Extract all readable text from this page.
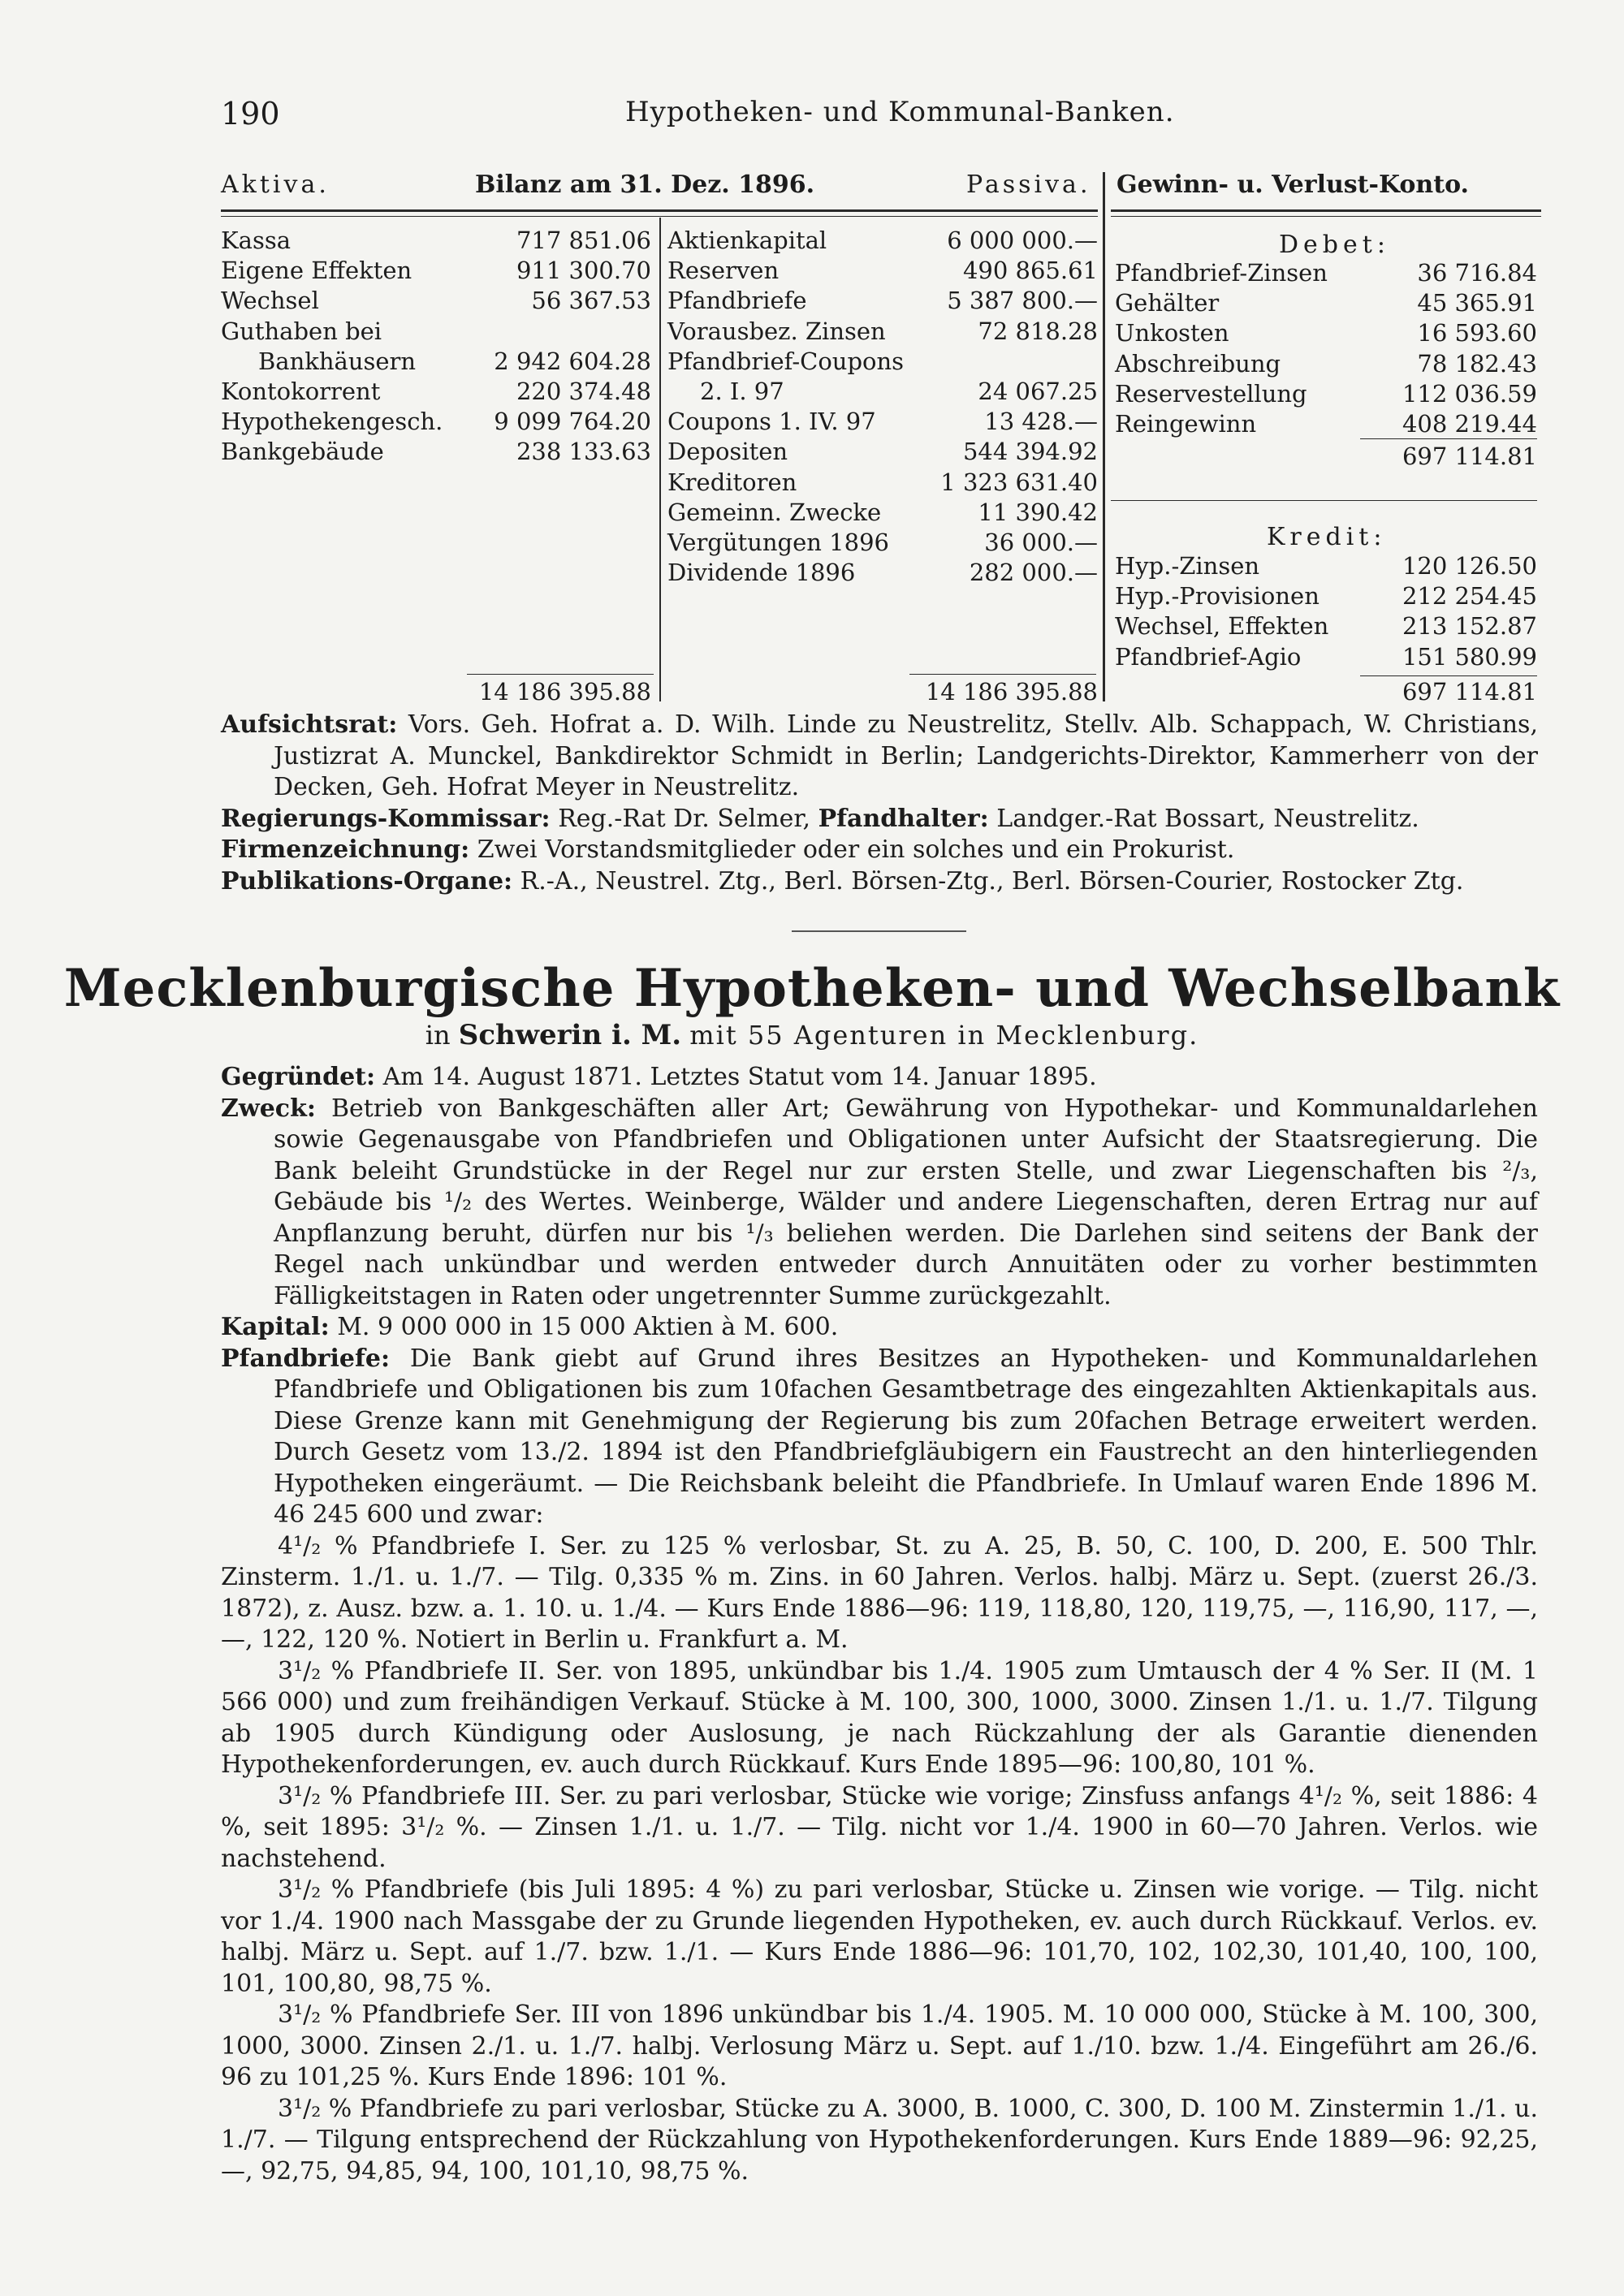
190	Hypotheken- und Kommunal-Banken.
Aktiva.	Bilanz am 31. Dez. 1896.	Passiva. Gewinn- u. Verlust-Konto.
Kassa	717 851.06
Eigene Effekten	911 300.70
Wechsel	56 367.53
Guthaben bei
Bankhäusern	2 942 604.28
Kontokorrent	220 374.48
Hypothekengesch. 9 099 764.20
Bankgebäude	238 133.63
14 186 395.88
Aktienkapital	6 000 000.—
Reserven	490 865.61
Pfandbriefe	5 387 800.—
Vorausbez. Zinsen	72 818.28
Pfandbrief-Coupons
2. I. 97	24 067.25
Coupons 1. IV. 97	13 428.—
Depositen	544 394.92
Kreditoren	1 323 631.40
Gemeinn. Zwecke	11 390.42
Vergütungen 1896	36 000.—
Dividende 1896	282 000.—
14 186 395.88
Debet:
Pfandbrief-Zinsen	36 716.84
Gehälter	45 365.91
Unkosten	16 593.60
Abschreibung	78 182.43
Reservestellung	112 036.59
Reingewinn	408 219.44
697 114.81
Kredit:
Hyp.-Zinsen	120 126.50
Hyp.-Provisionen	212 254.45
Wechsel, Effekten	213 152.87
Pfandbrief-Agio	151 580.99
697 114.81

Aufsichtsrat: Vors. Geh. Hofrat a. D. Wilh. Linde zu Neustrelitz, Stellv. Alb. Schappach, W. Christians, Justizrat A. Munckel, Bankdirektor Schmidt in Berlin; Landgerichts-Direktor, Kammerherr von der Decken, Geh. Hofrat Meyer in Neustrelitz.

Regierungs-Kommissar: Reg.-Rat Dr. Selmer, Pfandhalter: Landger.-Rat Bossart, Neustrelitz.

Firmenzeichnung: Zwei Vorstandsmitglieder oder ein solches und ein Prokurist.

Publikations-Organe: R.-A., Neustrel. Ztg., Berl. Börsen-Ztg., Berl. Börsen-Courier, Rostocker Ztg.

Mecklenburgische Hypotheken- und Wechselbank
in Schwerin i. M. mit 55 Agenturen in Mecklenburg.

Gegründet: Am 14. August 1871. Letztes Statut vom 14. Januar 1895.

Zweck: Betrieb von Bankgeschäften aller Art; Gewährung von Hypothekar- und Kommunaldarlehen sowie Gegenausgabe von Pfandbriefen und Obligationen unter Aufsicht der Staatsregierung. Die Bank beleiht Grundstücke in der Regel nur zur ersten Stelle, und zwar Liegenschaften bis ²/₃, Gebäude bis ¹/₂ des Wertes. Weinberge, Wälder und andere Liegenschaften, deren Ertrag nur auf Anpflanzung beruht, dürfen nur bis ¹/₃ beliehen werden. Die Darlehen sind seitens der Bank der Regel nach unkündbar und werden entweder durch Annuitäten oder zu vorher bestimmten Fälligkeitstagen in Raten oder ungetrennter Summe zurückgezahlt.

Kapital: M. 9 000 000 in 15 000 Aktien à M. 600.

Pfandbriefe: Die Bank giebt auf Grund ihres Besitzes an Hypotheken- und Kommunaldarlehen Pfandbriefe und Obligationen bis zum 10fachen Gesamtbetrage des eingezahlten Aktienkapitals aus. Diese Grenze kann mit Genehmigung der Regierung bis zum 20fachen Betrage erweitert werden. Durch Gesetz vom 13./2. 1894 ist den Pfandbriefgläubigern ein Faustrecht an den hinterliegenden Hypotheken eingeräumt. — Die Reichsbank beleiht die Pfandbriefe. In Umlauf waren Ende 1896 M. 46 245 600 und zwar:

4¹/₂ % Pfandbriefe I. Ser. zu 125 % verlosbar, St. zu A. 25, B. 50, C. 100, D. 200, E. 500 Thlr. Zinsterm. 1./1. u. 1./7. — Tilg. 0,335 % m. Zins. in 60 Jahren. Verlos. halbj. März u. Sept. (zuerst 26./3. 1872), z. Ausz. bzw. a. 1. 10. u. 1./4. — Kurs Ende 1886—96: 119, 118,80, 120, 119,75, —, 116,90, 117, —, —, 122, 120 %. Notiert in Berlin u. Frankfurt a. M.

3¹/₂ % Pfandbriefe II. Ser. von 1895, unkündbar bis 1./4. 1905 zum Umtausch der 4 % Ser. II (M. 1 566 000) und zum freihändigen Verkauf. Stücke à M. 100, 300, 1000, 3000. Zinsen 1./1. u. 1./7. Tilgung ab 1905 durch Kündigung oder Auslosung, je nach Rückzahlung der als Garantie dienenden Hypothekenforderungen, ev. auch durch Rückkauf. Kurs Ende 1895—96: 100,80, 101 %.

3¹/₂ % Pfandbriefe III. Ser. zu pari verlosbar, Stücke wie vorige; Zinsfuss anfangs 4¹/₂ %, seit 1886: 4 %, seit 1895: 3¹/₂ %. — Zinsen 1./1. u. 1./7. — Tilg. nicht vor 1./4. 1900 in 60—70 Jahren. Verlos. wie nachstehend.

3¹/₂ % Pfandbriefe (bis Juli 1895: 4 %) zu pari verlosbar, Stücke u. Zinsen wie vorige. — Tilg. nicht vor 1./4. 1900 nach Massgabe der zu Grunde liegenden Hypotheken, ev. auch durch Rückkauf. Verlos. ev. halbj. März u. Sept. auf 1./7. bzw. 1./1. — Kurs Ende 1886—96: 101,70, 102, 102,30, 101,40, 100, 100, 101, 100,80, 98,75 %.

3¹/₂ % Pfandbriefe Ser. III von 1896 unkündbar bis 1./4. 1905. M. 10 000 000, Stücke à M. 100, 300, 1000, 3000. Zinsen 2./1. u. 1./7. halbj. Verlosung März u. Sept. auf 1./10. bzw. 1./4. Eingeführt am 26./6. 96 zu 101,25 %. Kurs Ende 1896: 101 %.

3¹/₂ % Pfandbriefe zu pari verlosbar, Stücke zu A. 3000, B. 1000, C. 300, D. 100 M. Zinstermin 1./1. u. 1./7. — Tilgung entsprechend der Rückzahlung von Hypothekenforderungen. Kurs Ende 1889—96: 92,25, —, 92,75, 94,85, 94, 100, 101,10, 98,75 %.
